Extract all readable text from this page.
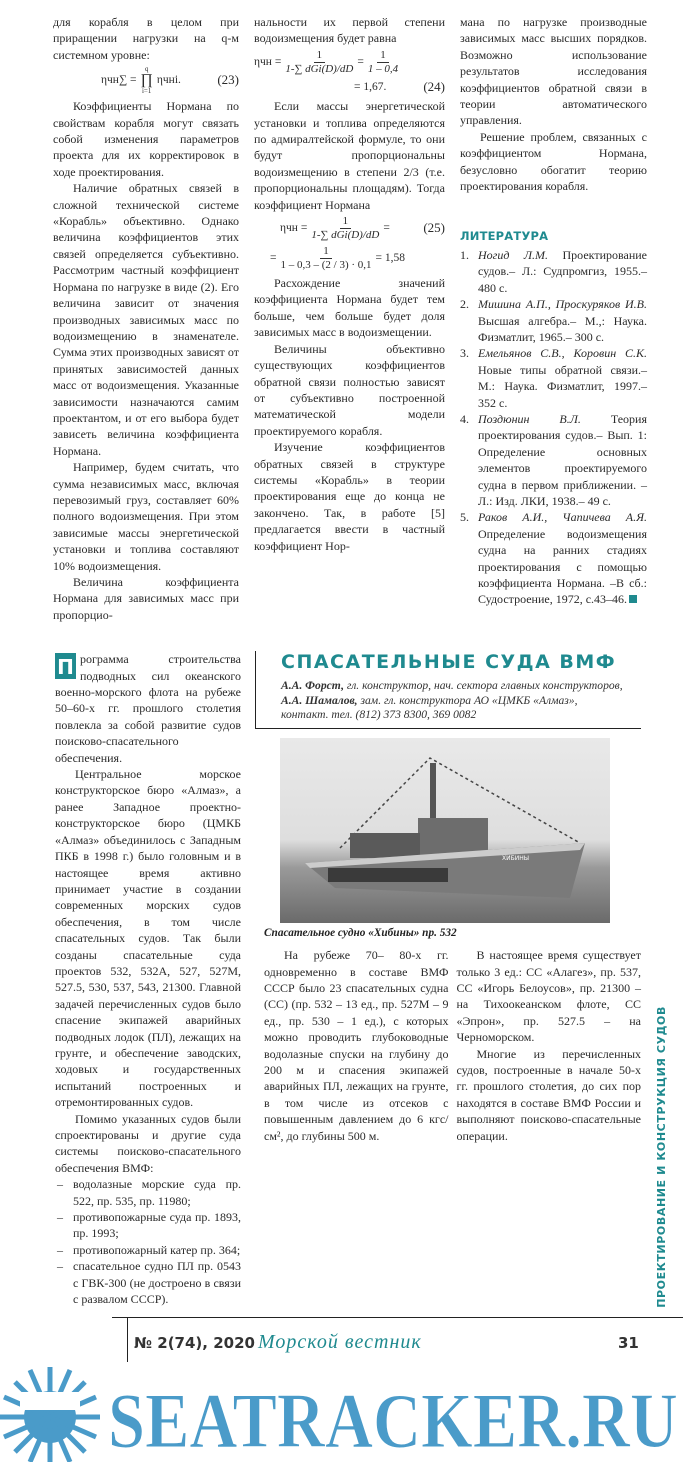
для корабля в целом при приращении нагрузки на q-м системном уровне:

ηчн∑ =
q
∏
i=1
ηчнi.	(23)

Коэффициенты Нормана по свойствам корабля могут связать собой изменения параметров проекта для их корректировок в ходе проектирования.

Наличие обратных связей в сложной технической системе «Корабль» объективно. Однако величина коэффициентов этих связей определяется субъективно. Рассмотрим частный коэффициент Нормана по нагрузке в виде (2). Его величина зависит от значения производных зависимых масс по водоизмещению в знаменателе. Сумма этих производных зависят от принятых зависимостей данных масс от водоизмещения. Указанные зависимости назначаются самим проектантом, и от его выбора будет зависеть величина коэффициента Нормана.

Например, будем считать, что сумма независимых масс, включая перевозимый груз, составляет 60% полного водоизмещения. При этом зависимые массы энергетической установки и топлива составляют 10% водоизмещения.

Величина коэффициента Нормана для зависимых масс при пропорцио-

нальности их первой степени водоизмещения будет равна

$\eta чн = \frac{1}{\text{1-∑ dGi(D)/dD}} = \frac{1}{1 - 0,4}$
= 1,67.	(24)

Если массы энергетической установки и топлива определяются по адмиралтейской формуле, то они будут пропорциональны водоизмещению в степени 2/3 (т.е. пропорциональны площадям). Тогда коэффициент Нормана

$\eta чн = \frac{1}{\text{1-∑ dGi(D)/dD}}$ =	(25)
= $\frac{1}{1 - 0,3 - (2 / 3) \cdot 0,1} = 1,58$

Расхождение значений коэффициента Нормана будет тем больше, чем больше будет доля зависимых масс в водоизмещении.

Величины объективно существующих коэффициентов обратной связи полностью зависят от субъективно построенной математической модели проектируемого корабля.

Изучение коэффициентов обратных связей в структуре системы «Корабль» в теории проектирования еще до конца не закончено. Так, в работе [5] предлагается ввести в частный коэффициент Нор-

мана по нагрузке производные зависимых масс высших порядков. Возможно использование результатов исследования коэффициентов обратной связи в теории автоматического управления.

Решение проблем, связанных с коэффициентом Нормана, безусловно обогатит теорию проектирования корабля.

ЛИТЕРАТУРА
1. Ногид Л.М. Проектирование судов.– Л.: Судпромгиз, 1955.– 480 с.
2. Мишина А.П., Проскуряков И.В. Высшая алгебра.– М.,: Наука. Физматлит, 1965.– 300 с.
3. Емельянов С.В., Коровин С.К. Новые типы обратной связи.– М.: Наука. Физматлит, 1997.– 352 с.
4. Поздюнин В.Л. Теория проектирования судов.– Вып. 1: Определение основных элементов проектируемого судна в первом приближении. – Л.: Изд. ЛКИ, 1938.– 49 с.
5. Раков А.И., Чапичева А.Я. Определение водоизмещения судна на ранних стадиях проектирования с помощью коэффициента Нормана. –В сб.: Судостроение, 1972, с.43–46.

П рограмма строительства подводных сил океанского военно-морского флота на рубеже 50–60-х гг. прошлого столетия повлекла за собой развитие судов поисково-спасательного обеспечения.

Центральное морское конструкторское бюро «Алмаз», а ранее Западное проектно-конструкторское бюро (ЦМКБ «Алмаз» объединилось с Западным ПКБ в 1998 г.) было головным и в настоящее время активно принимает участие в создании современных морских судов обеспечения, в том числе спасательных судов. Так были созданы спасательные суда проектов 532, 532А, 527, 527М, 527.5, 530, 537, 543, 21300. Главной задачей перечисленных судов было спасение экипажей аварийных подводных лодок (ПЛ), лежащих на грунте, и обеспечение заводских, ходовых и государственных испытаний построенных и отремонтированных судов.

Помимо указанных судов были спроектированы и другие суда системы поисково-спасательного обеспечения ВМФ:

– водолазные морские суда пр. 522, пр. 535, пр. 11980;
– противопожарные суда пр. 1893, пр. 1993;
– противопожарный катер пр. 364;
– спасательное судно ПЛ пр. 0543 с ГВК-300 (не достроено в связи с развалом СССР).
СПАСАТЕЛЬНЫЕ СУДА ВМФ
А.А. Форст, гл. конструктор, нач. сектора главных конструкторов,
А.А. Шамалов, зам. гл. конструктора АО «ЦМКБ «Алмаз»,
контакт. тел. (812) 373 8300, 369 0082
ХИБИНЫ
Спасательное судно «Хибины» пр. 532

На рубеже 70– 80-х гг. одновременно в составе ВМФ СССР было 23 спасательных судна (СС) (пр. 532 – 13 ед., пр. 527М – 9 ед., пр. 530 – 1 ед.), с которых можно проводить глубоководные водолазные спуски на глубину до 200 м и спасения экипажей аварийных ПЛ, лежащих на грунте, в том числе из отсеков с повышенным давлением до 6 кгс/см², до глубины 500 м.

В настоящее время существует только 3 ед.: СС «Алагез», пр. 537, СС «Игорь Белоусов», пр. 21300 – на Тихоокеанском флоте, СС «Эпрон», пр. 527.5 – на Черноморском.

Многие из перечисленных судов, построенные в начале 50-х гг. прошлого столетия, до сих пор находятся в составе ВМФ России и выполняют поисково-спасательные операции.	ПРОЕКТИРОВАНИЕ И КОНСТРУКЦИЯ СУДОВ
№ 2(74), 2020 Морской вестник	31
SEATRACKER.RU
